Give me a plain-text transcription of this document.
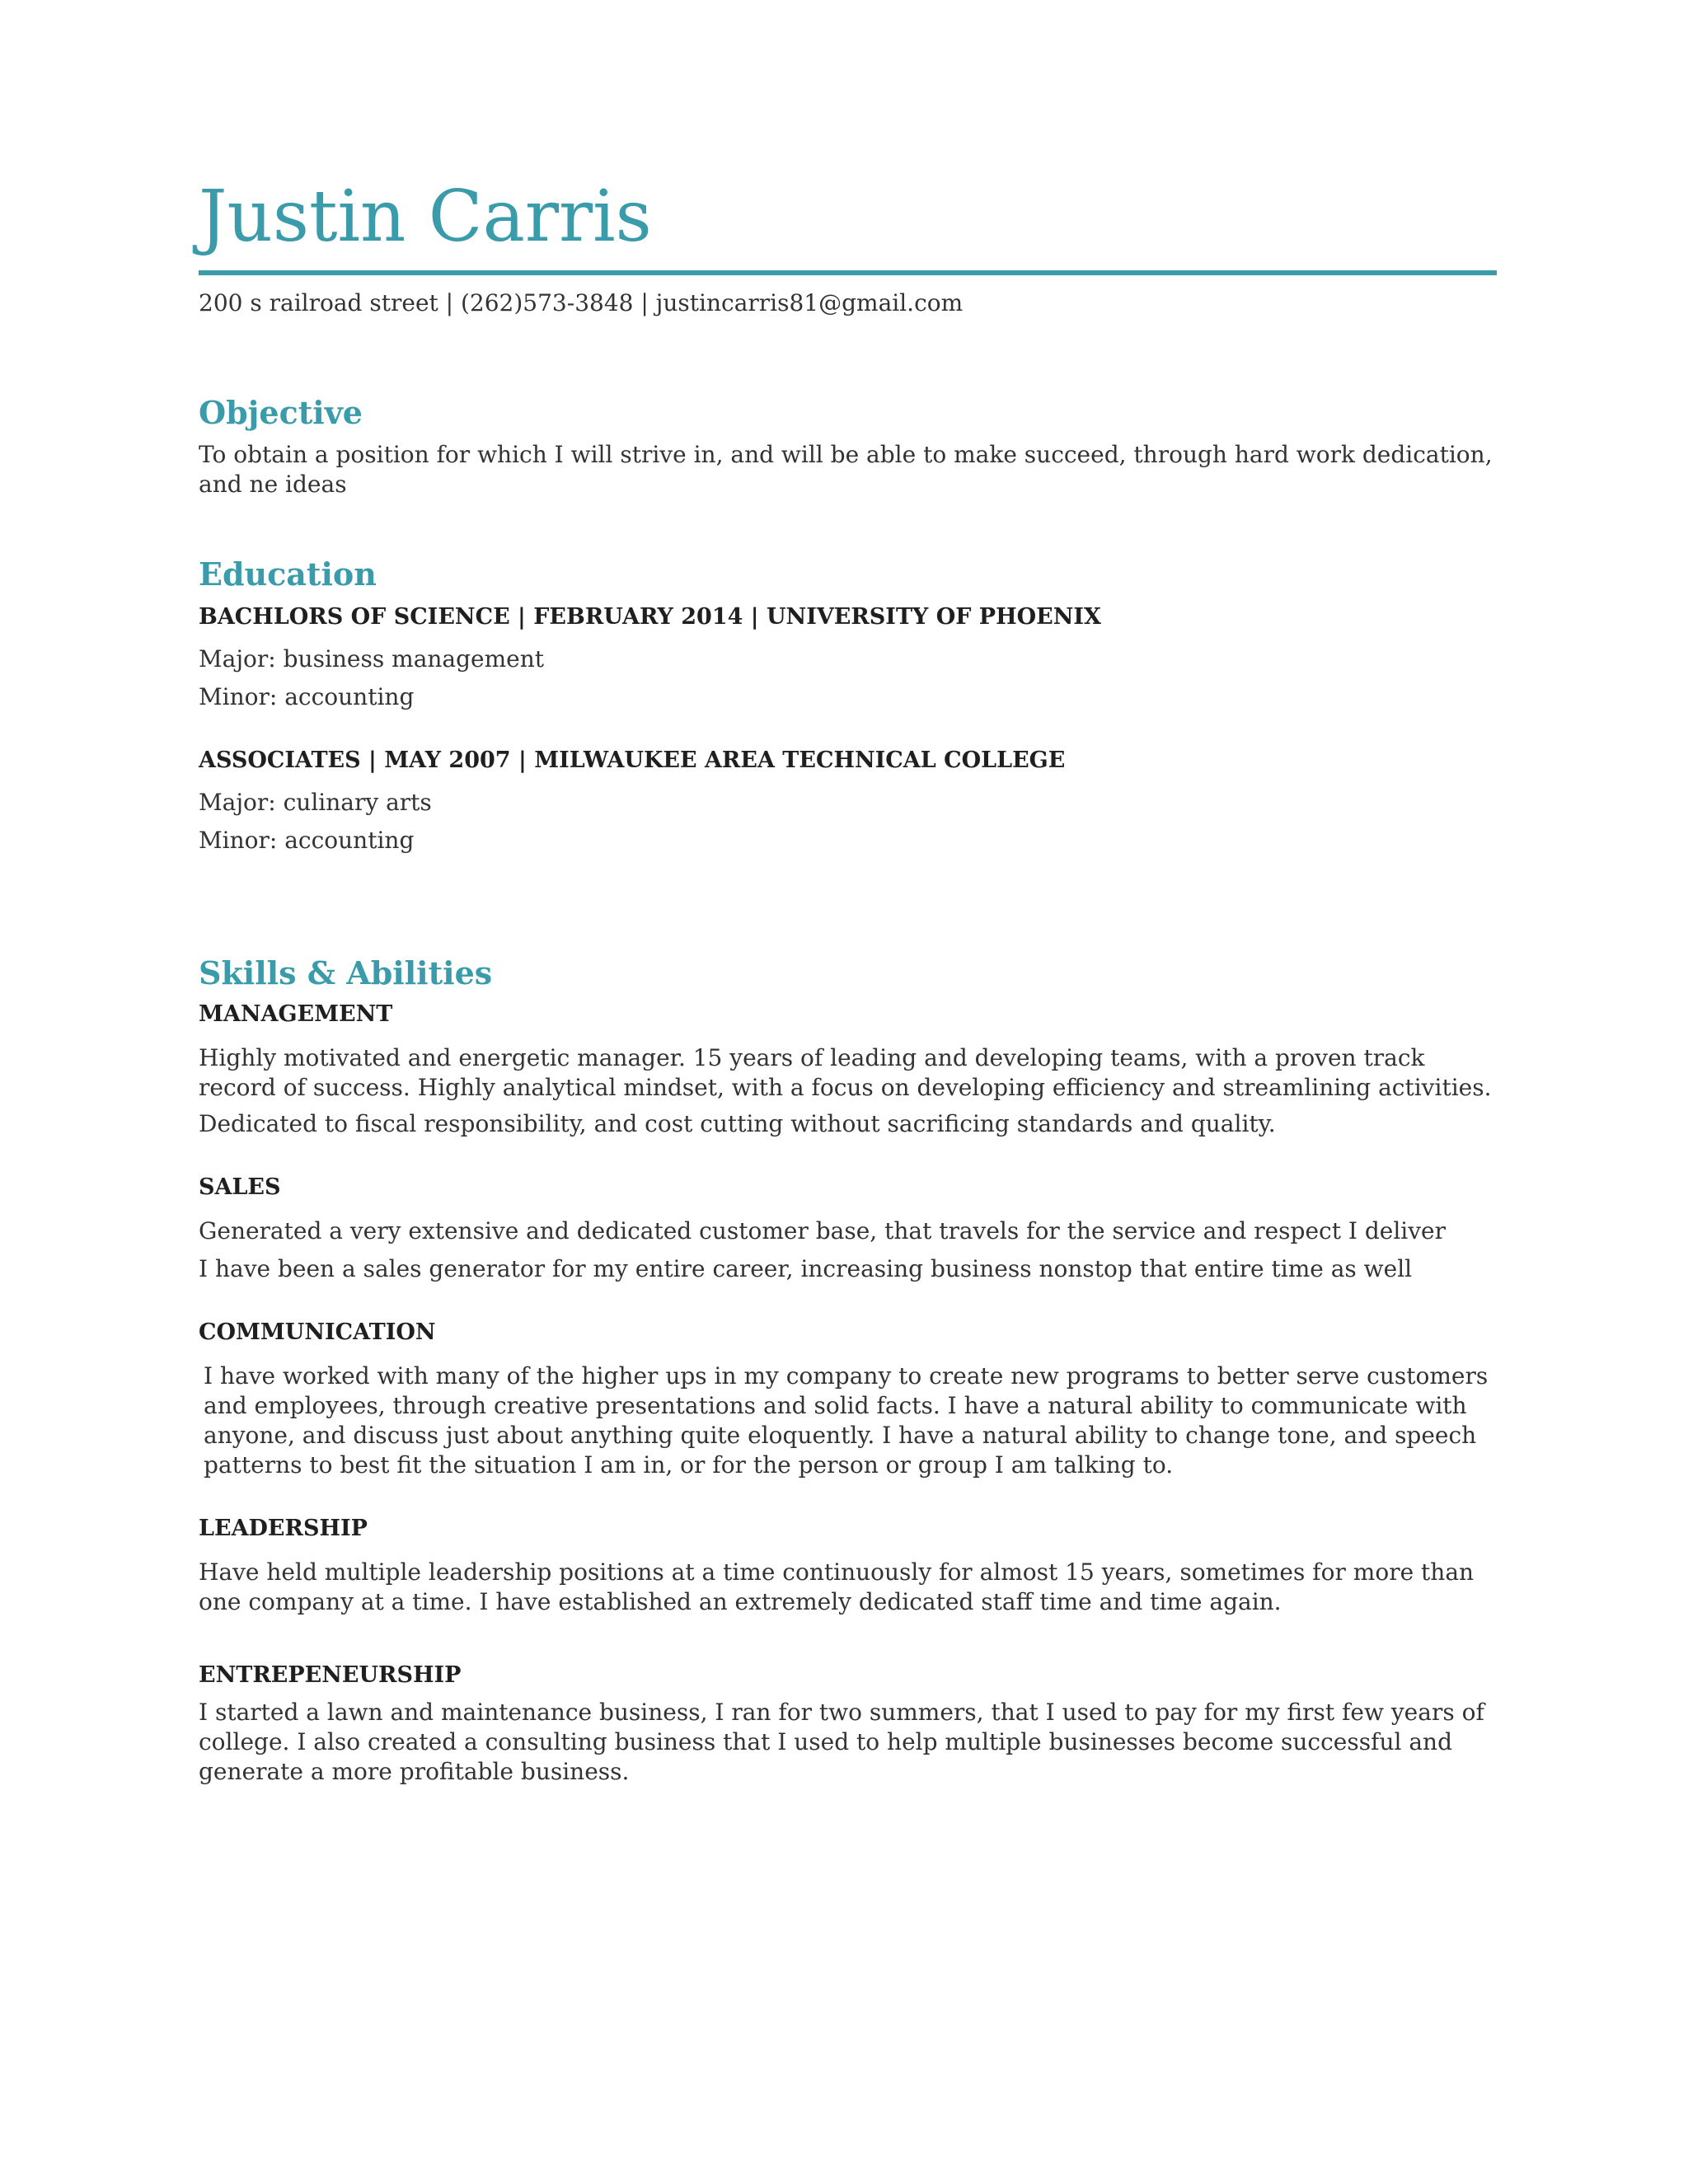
Justin Carris
200 s railroad street | (262)573-3848 | justincarris81@gmail.com
Objective
To obtain a position for which I will strive in, and will be able to make succeed, through hard work dedication, and ne ideas
Education
BACHLORS OF SCIENCE | FEBRUARY 2014 | UNIVERSITY OF PHOENIX
Major: business management
Minor: accounting
ASSOCIATES | MAY 2007 | MILWAUKEE AREA TECHNICAL COLLEGE
Major: culinary arts
Minor: accounting
Skills & Abilities
MANAGEMENT
Highly motivated and energetic manager. 15 years of leading and developing teams, with a proven track record of success. Highly analytical mindset, with a focus on developing efficiency and streamlining activities.
Dedicated to fiscal responsibility, and cost cutting without sacrificing standards and quality.
SALES
Generated a very extensive and dedicated customer base, that travels for the service and respect I deliver
I have been a sales generator for my entire career, increasing business nonstop that entire time as well
COMMUNICATION
I have worked with many of the higher ups in my company to create new programs to better serve customers and employees, through creative presentations and solid facts. I have a natural ability to communicate with anyone, and discuss just about anything quite eloquently. I have a natural ability to change tone, and speech patterns to best fit the situation I am in, or for the person or group I am talking to.
LEADERSHIP
Have held multiple leadership positions at a time continuously for almost 15 years, sometimes for more than one company at a time. I have established an extremely dedicated staff time and time again.
ENTREPENEURSHIP
I started a lawn and maintenance business, I ran for two summers, that I used to pay for my first few years of college. I also created a consulting business that I used to help multiple businesses become successful and generate a more profitable business.
